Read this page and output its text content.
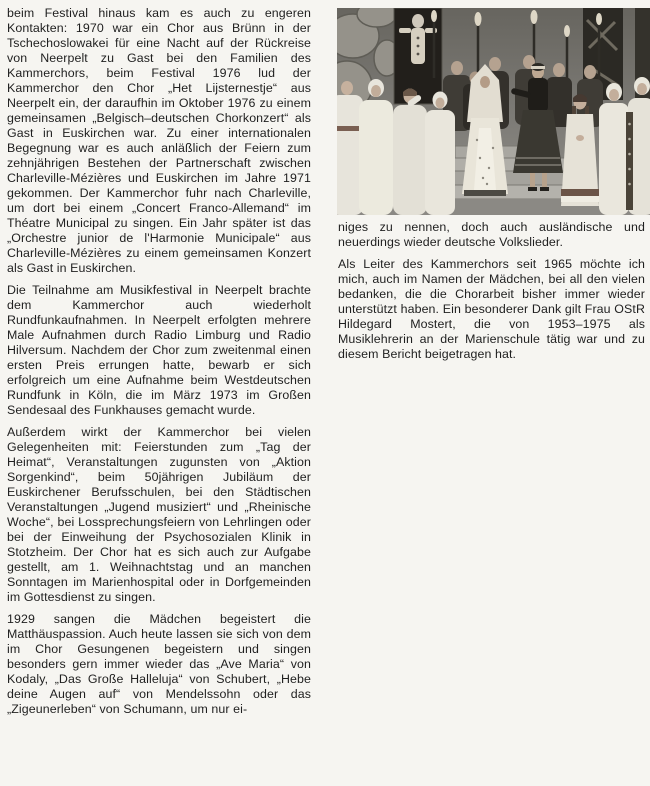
beim Festival hinaus kam es auch zu engeren Kontakten: 1970 war ein Chor aus Brünn in der Tschechoslowakei für eine Nacht auf der Rückreise von Neerpelt zu Gast bei den Familien des Kammerchors, beim Festival 1976 lud der Kammerchor den Chor „Het Lijsternestje“ aus Neerpelt ein, der daraufhin im Oktober 1976 zu einem gemeinsamen „Belgisch–deutschen Chorkonzert“ als Gast in Euskirchen war. Zu einer internationalen Begegnung war es auch anläßlich der Feiern zum zehnjährigen Bestehen der Partnerschaft zwischen Charleville-Mézières und Euskirchen im Jahre 1971 gekommen. Der Kammerchor fuhr nach Charleville, um dort bei einem „Concert Franco-Allemand“ im Théatre Municipal zu singen. Ein Jahr später ist das „Orchestre junior de l'Harmonie Municipale“ aus Charleville-Mézières zu einem gemeinsamen Konzert als Gast in Euskirchen.

Die Teilnahme am Musikfestival in Neerpelt brachte dem Kammerchor auch wiederholt Rundfunkaufnahmen. In Neerpelt erfolgten mehrere Male Aufnahmen durch Radio Limburg und Radio Hilversum. Nachdem der Chor zum zweitenmal einen ersten Preis errungen hatte, bewarb er sich erfolgreich um eine Aufnahme beim Westdeutschen Rundfunk in Köln, die im März 1973 im Großen Sendesaal des Funkhauses gemacht wurde.

Außerdem wirkt der Kammerchor bei vielen Gelegenheiten mit: Feierstunden zum „Tag der Heimat“, Veranstaltungen zugunsten von „Aktion Sorgenkind“, beim 50jährigen Jubiläum der Euskirchener Berufsschulen, bei den Städtischen Veranstaltungen „Jugend musiziert“ und „Rheinische Woche“, bei Lossprechungsfeiern von Lehrlingen oder bei der Einweihung der Psychosozialen Klinik in Stotzheim. Der Chor hat es sich auch zur Aufgabe gestellt, am 1. Weihnachtstag und an manchen Sonntagen im Marienhospital oder in Dorfgemeinden im Gottesdienst zu singen.

1929 sangen die Mädchen begeistert die Matthäuspassion. Auch heute lassen sie sich von dem im Chor Gesungenen begeistern und singen besonders gern immer wieder das „Ave Maria“ von Kodaly, „Das Große Halleluja“ von Schubert, „Hebe deine Augen auf“ von Mendelssohn oder das „Zigeunerleben“ von Schumann, um nur ei-

niges zu nennen, doch auch ausländische und neuerdings wieder deutsche Volkslieder.

Als Leiter des Kammerchors seit 1965 möchte ich mich, auch im Namen der Mädchen, bei all den vielen bedanken, die die Chorarbeit bisher immer wieder unterstützt haben. Ein besonderer Dank gilt Frau OStR Hildegard Mostert, die von 1953–1975 als Musiklehrerin an der Marienschule tätig war und zu diesem Bericht beigetragen hat.
